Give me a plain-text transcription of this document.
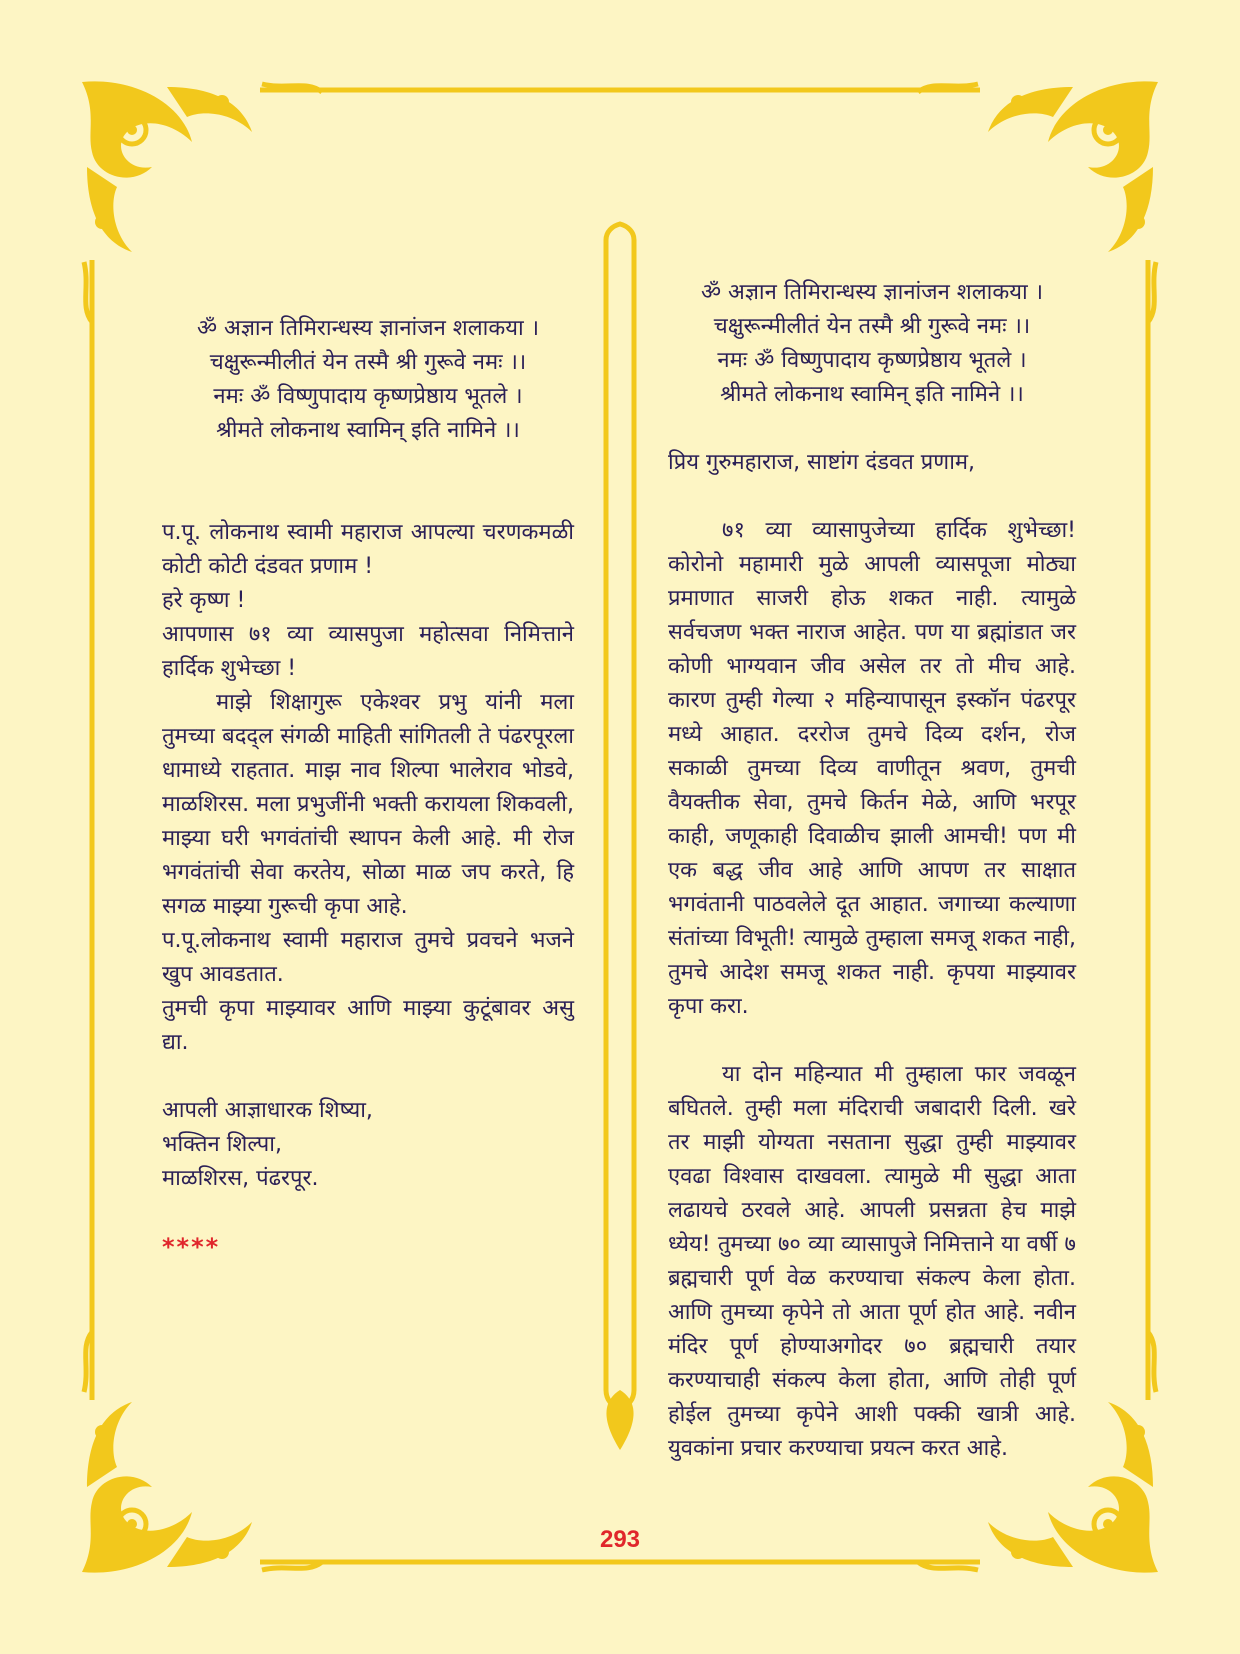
ॐ अज्ञान तिमिरान्धस्य ज्ञानांजन शलाकया ।

चक्षुरून्मीलीतं येन तस्मै श्री गुरूवे नमः ।।

नमः ॐ विष्णुपादाय कृष्णप्रेष्ठाय भूतले ।

श्रीमते लोकनाथ स्वामिन् इति नामिने ।।

प.पू. लोकनाथ स्वामी महाराज आपल्या चरणकमळी कोटी कोटी दंडवत प्रणाम !

हरे कृष्ण !

आपणास ७१ व्या व्यासपुजा महोत्सवा निमित्ताने हार्दिक शुभेच्छा !

माझे शिक्षागुरू एकेश्वर प्रभु यांनी मला तुमच्या बदद्ल संगळी माहिती सांगितली ते पंढरपूरला धामाध्ये राहतात. माझ नाव शिल्पा भालेराव भोडवे, माळशिरस. मला प्रभुजींनी भक्ती करायला शिकवली, माझ्या घरी भगवंतांची स्थापन केली आहे. मी रोज भगवंतांची सेवा करतेय, सोळा माळ जप करते, हि सगळ माझ्या गुरूची कृपा आहे.

प.पू.लोकनाथ स्वामी महाराज तुमचे प्रवचने भजने खुप आवडतात.

तुमची कृपा माझ्यावर आणि माझ्या कुटूंबावर असु द्या.

आपली आज्ञाधारक शिष्या,

भक्तिन शिल्पा,

माळशिरस, पंढरपूर.

****

ॐ अज्ञान तिमिरान्धस्य ज्ञानांजन शलाकया ।

चक्षुरून्मीलीतं येन तस्मै श्री गुरूवे नमः ।।

नमः ॐ विष्णुपादाय कृष्णप्रेष्ठाय भूतले ।

श्रीमते लोकनाथ स्वामिन् इति नामिने ।।

प्रिय गुरुमहाराज, साष्टांग दंडवत प्रणाम,

७१ व्या व्यासापुजेच्या हार्दिक शुभेच्छा! कोरोनो महामारी मुळे आपली व्यासपूजा मोठ्या प्रमाणात साजरी होऊ शकत नाही. त्यामुळे सर्वचजण भक्त नाराज आहेत. पण या ब्रह्मांडात जर कोणी भाग्यवान जीव असेल तर तो मीच आहे. कारण तुम्ही गेल्या २ महिन्यापासून इस्कॉन पंढरपूर मध्ये आहात. दररोज तुमचे दिव्य दर्शन, रोज सकाळी तुमच्या दिव्य वाणीतून श्रवण, तुमची वैयक्तीक सेवा, तुमचे किर्तन मेळे, आणि भरपूर काही, जणूकाही दिवाळीच झाली आमची! पण मी एक बद्ध जीव आहे आणि आपण तर साक्षात भगवंतानी पाठवलेले दूत आहात. जगाच्या कल्याणा संतांच्या विभूती! त्यामुळे तुम्हाला समजू शकत नाही, तुमचे आदेश समजू शकत नाही. कृपया माझ्यावर कृपा करा.

या दोन महिन्यात मी तुम्हाला फार जवळून बघितले. तुम्ही मला मंदिराची जबादारी दिली. खरे तर माझी योग्यता नसताना सुद्धा तुम्ही माझ्यावर एवढा विश्वास दाखवला. त्यामुळे मी सुद्धा आता लढायचे ठरवले आहे. आपली प्रसन्नता हेच माझे ध्येय! तुमच्या ७० व्या व्यासापुजे निमित्ताने या वर्षी ७ ब्रह्मचारी पूर्ण वेळ करण्याचा संकल्प केला होता. आणि तुमच्या कृपेने तो आता पूर्ण होत आहे. नवीन मंदिर पूर्ण होण्याअगोदर ७० ब्रह्मचारी तयार करण्याचाही संकल्प केला होता, आणि तोही पूर्ण होईल तुमच्या कृपेने आशी पक्की खात्री आहे. युवकांना प्रचार करण्याचा प्रयत्न करत आहे.

293
